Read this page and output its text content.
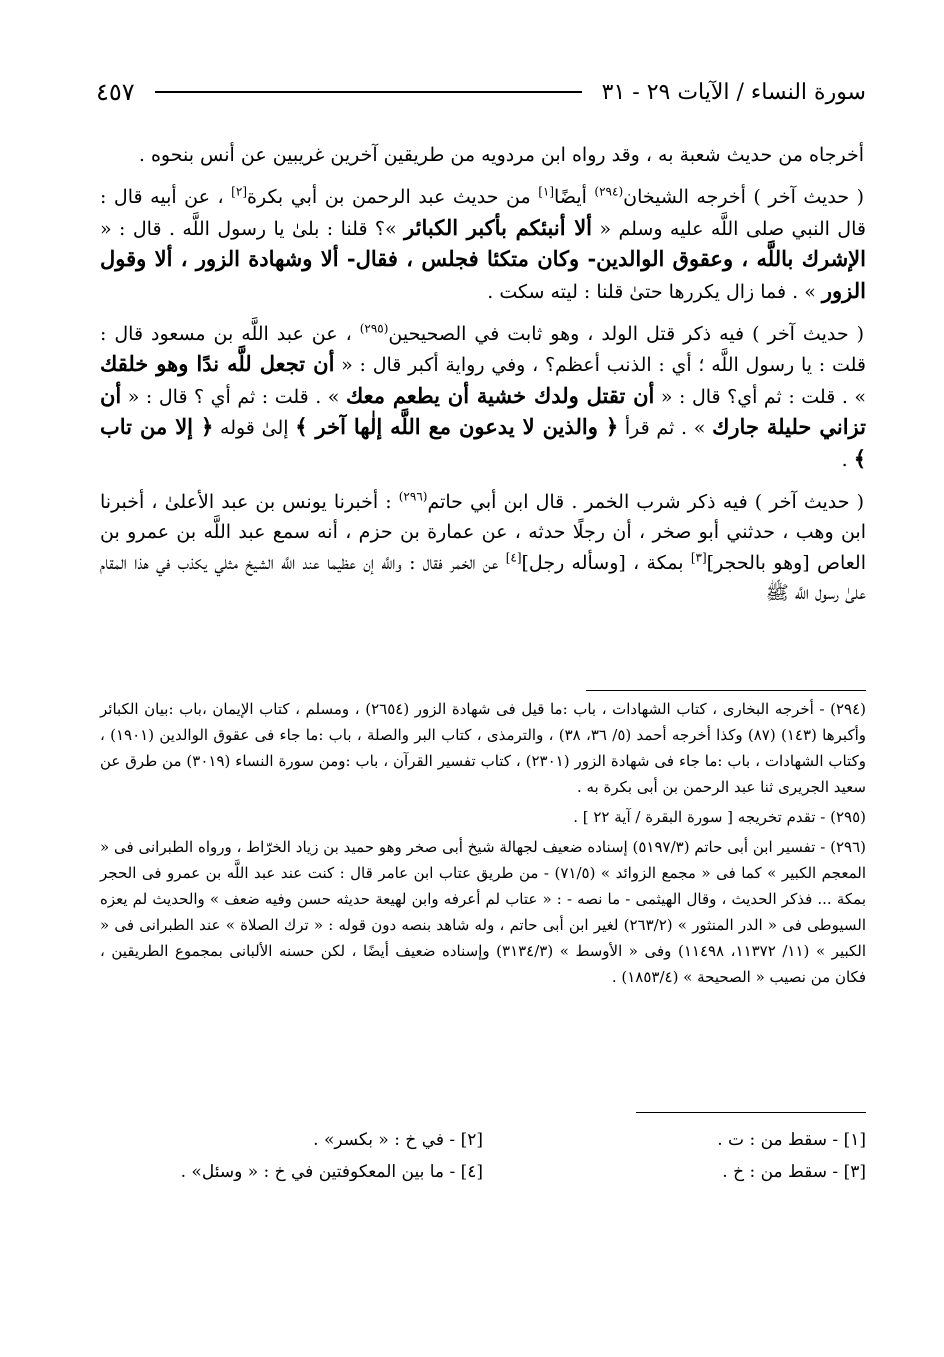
سورة النساء / الآيات ٢٩ - ٣١
٤٥٧

أخرجاه من حديث شعبة به ، وقد رواه ابن مردويه من طريقين آخرين غريبين عن أنس بنحوه .

( حديث آخر ) أخرجه الشيخان$^{(٢٩٤)}$ أيضًا[١] من حديث عبد الرحمن بن أبي بكرة[٢] ، عن أبيه قال : قال النبي صلى اللَّه عليه وسلم « ألا أنبئكم بأكبر الكبائر »؟ قلنا : بلىٰ يا رسول اللَّه . قال : « الإشرك باللَّه ، وعقوق الوالدين- وكان متكئا فجلس ، فقال- ألا وشهادة الزور ، ألا وقول الزور » . فما زال يكررها حتىٰ قلنا : ليته سكت .

( حديث آخر ) فيه ذكر قتل الولد ، وهو ثابت في الصحيحين$^{(٢٩٥)}$ ، عن عبد اللَّه بن مسعود قال : قلت : يا رسول اللَّه ؛ أي : الذنب أعظم؟ ، وفي رواية أكبر قال : « أن تجعل للَّه ندًا وهو خلقك » . قلت : ثم أي؟ قال : « أن تقتل ولدك خشية أن يطعم معك » . قلت : ثم أي ؟ قال : « أن تزاني حليلة جارك » . ثم قرأ ﴿ والذين لا يدعون مع اللَّه إلٰها آخر ﴾ إلىٰ قوله ﴿ إلا من تاب ﴾ .

( حديث آخر ) فيه ذكر شرب الخمر . قال ابن أبي حاتم$^{(٢٩٦)}$ : أخبرنا يونس بن عبد الأعلىٰ ، أخبرنا ابن وهب ، حدثني أبو صخر ، أن رجلًا حدثه ، عن عمارة بن حزم ، أنه سمع عبد اللَّه بن عمرو بن العاص [وهو بالحجر][٣] بمكة ، [وسأله رجل][٤] عن الخمر فقال : واللَّه إن عظيما عند اللَّه الشيخ مثلي يكذب في هذا المقام علىٰ رسول اللَّه ﷺ

(٢٩٤) - أخرجه البخارى ، كتاب الشهادات ، باب :ما قيل فى شهادة الزور (٢٦٥٤) ، ومسلم ، كتاب الإيمان ،باب :بيان الكبائر وأكبرها (١٤٣) (٨٧) وكذا أخرجه أحمد (٥/ ٣٦، ٣٨) ، والترمذى ، كتاب البر والصلة ، باب :ما جاء فى عقوق الوالدين (١٩٠١) ، وكتاب الشهادات ، باب :ما جاء فى شهادة الزور (٢٣٠١) ، كتاب تفسير القرآن ، باب :ومن سورة النساء (٣٠١٩) من طرق عن سعيد الجريرى ثنا عبد الرحمن بن أبى بكرة به .
(٢٩٥) - تقدم تخريجه [ سورة البقرة / آية ٢٢ ] .
(٢٩٦) - تفسير ابن أبى حاتم (٥١٩٧/٣) إسناده ضعيف لجهالة شيخ أبى صخر وهو حميد بن زياد الخرّاط ، ورواه الطبرانى فى « المعجم الكبير » كما فى « مجمع الزوائد » (٧١/٥) - من طريق عتاب ابن عامر قال : كنت عند عبد اللَّه بن عمرو فى الحجر بمكة ... فذكر الحديث ، وقال الهيثمى - ما نصه - : « عتاب لم أعرفه وابن لهيعة حديثه حسن وفيه ضعف » والحديث لم يعزه السيوطى فى « الدر المنثور » (٢٦٣/٢) لغير ابن أبى حاتم ، وله شاهد بنصه دون قوله : « ترك الصلاة » عند الطبرانى فى « الكبير » (١١/ ١١٣٧٢، ١١٤٩٨) وفى « الأوسط » (٣١٣٤/٣) وإسناده ضعيف أيضًا ، لكن حسنه الألبانى بمجموع الطريقين ، فكان من نصيب « الصحيحة » (١٨٥٣/٤) .
[١] - سقط من : ت .
[٢] - في خ : « بكسر» .
[٣] - سقط من : خ .
[٤] - ما بين المعكوفتين في خ : « وسئل» .
